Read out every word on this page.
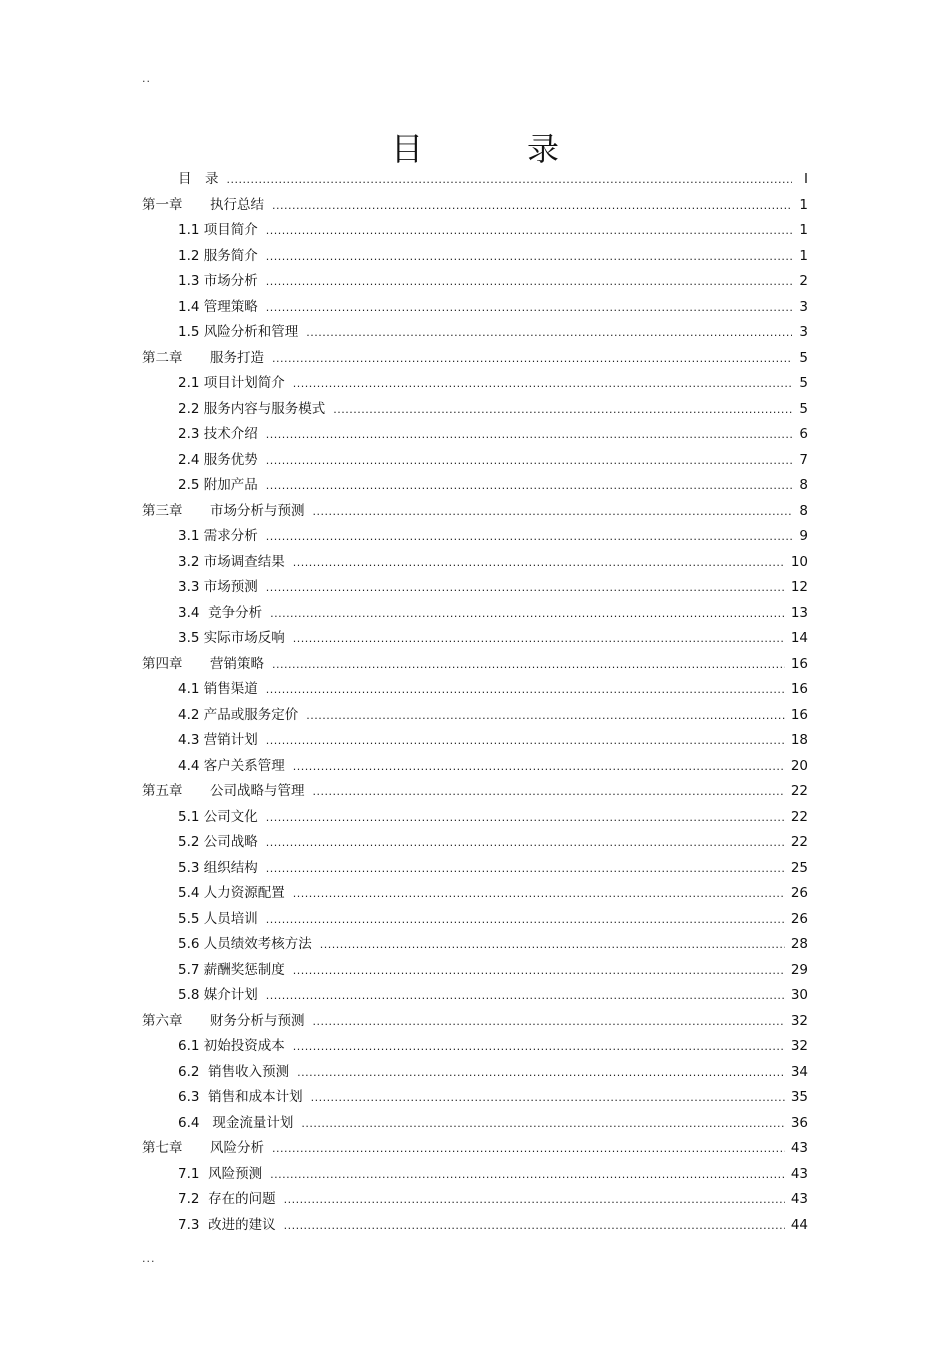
..
目　录
目　 录 .....	I
第一章 执行总结 .....	1
1.1 项目简介 .....	1
1.2 服务简介 .....	1
1.3 市场分析 .....	2
1.4 管理策略 .....	3
1.5 风险分析和管理 .....	3
第二章 服务打造 .....	5
2.1 项目计划简介 .....	5
2.2 服务内容与服务模式 .....	5
2.3 技术介绍 .....	6
2.4 服务优势 .....	7
2.5 附加产品 .....	8
第三章 市场分析与预测 .....	8
3.1 需求分析 .....	9
3.2 市场调查结果 .....	10
3.3 市场预测 .....	12
3.4  竞争分析 .....	13
3.5 实际市场反响 .....	14
第四章 营销策略 .....	16
4.1 销售渠道 .....	16
4.2 产品或服务定价 .....	16
4.3 营销计划 .....	18
4.4 客户关系管理 .....	20
第五章 公司战略与管理 .....	22
5.1 公司文化 .....	22
5.2 公司战略 .....	22
5.3 组织结构 .....	25
5.4 人力资源配置 .....	26
5.5 人员培训 .....	26
5.6 人员绩效考核方法 .....	28
5.7 薪酬奖惩制度 .....	29
5.8 媒介计划 .....	30
第六章 财务分析与预测 .....	32
6.1 初始投资成本 .....	32
6.2  销售收入预测 .....	34
6.3  销售和成本计划 .....	35
6.4   现金流量计划 .....	36
第七章 风险分析 .....	43
7.1  风险预测 .....	43
7.2  存在的问题 .....	43
7.3  改进的建议 .....	44
...
